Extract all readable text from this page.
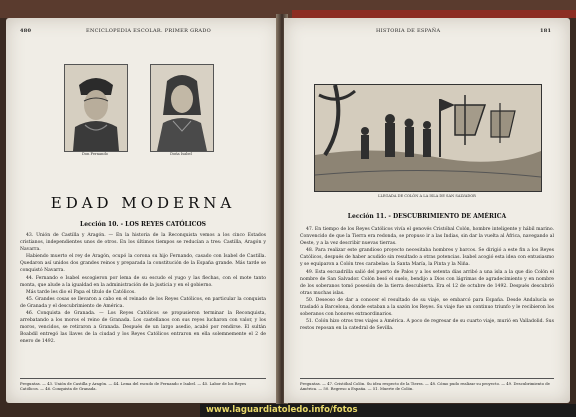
480	ENCICLOPEDIA ESCOLAR. PRIMER GRADO
Don Fernando	Doña Isabel
EDAD MODERNA
Lección 10. - LOS REYES CATÓLICOS

43. Unión de Castilla y Aragón. — En la historia de la Reconquista vemos a los cinco Estados cristianos, independientes unos de otros. En los últimos tiempos se reducían a tres: Castilla, Aragón y Navarra.

Habiendo muerto el rey de Aragón, ocupó la corona su hijo Fernando, casado con Isabel de Castilla. Quedaron así unidos dos grandes reinos y preparada la constitución de la España grande. Más tarde se conquistó Navarra.

44. Fernando e Isabel escogieron por lema de su escudo el yugo y las flechas, con el mote tanto monta, que alude a la igualdad en la administración de la justicia y en el gobierno.

Más tarde les dio el Papa el título de Católicos.

45. Grandes cosas se llevaron a cabo en el reinado de los Reyes Católicos, en particular la conquista de Granada y el descubrimiento de América.

46. Conquista de Granada. — Los Reyes Católicos se propusieron terminar la Reconquista, arrebatando a los moros el reino de Granada. Los castellanos con sus reyes lucharon con valor, y los moros, vencidos, se retiraron a Granada. Después de un largo asedio, acabó por rendirse. El sultán Boabdil entregó las llaves de la ciudad y los Reyes Católicos entraron en ella solemnemente el 2 de enero de 1492.

Preguntas. — 43. Unión de Castilla y Aragón. — 44. Lema del escudo de Fernando e Isabel. — 45. Labor de los Reyes Católicos. — 46. Conquista de Granada.
HISTORIA DE ESPAÑA	181
LLEGADA DE COLÓN A LA ISLA DE SAN SALVADOR
Lección 11. - DESCUBRIMIENTO DE AMÉRICA

47. En tiempo de los Reyes Católicos vivía el genovés Cristóbal Colón, hombre inteligente y hábil marino. Convencido de que la Tierra era redonda, se propuso ir a las Indias, sin dar la vuelta al África, navegando al Oeste, y a la vez describir nuevas tierras.

48. Para realizar este grandioso proyecto necesitaba hombres y barcos. Se dirigió a este fin a los Reyes Católicos, después de haber acudido sin resultado a otras potencias. Isabel acogió esta idea con entusiasmo y se equiparon a Colón tres carabelas: la Santa María, la Pinta y la Niña.

49. Esta escuadrilla salió del puerto de Palos y a los setenta días arribó a una isla a la que dio Colón el nombre de San Salvador. Colón besó el suelo, bendijo a Dios con lágrimas de agradecimiento y en nombre de los soberanos tomó posesión de la tierra descubierta. Era el 12 de octubre de 1492. Después descubrió otras muchas islas.

50. Deseoso de dar a conocer el resultado de su viaje, se embarcó para España. Desde Andalucía se trasladó a Barcelona, donde estaban a la sazón los Reyes. Su viaje fue un continuo triunfo y le recibieron los soberanos con honores extraordinarios.

51. Colón hizo otros tres viajes a América. A poco de regresar de su cuarto viaje, murió en Valladolid. Sus restos reposan en la catedral de Sevilla.

Preguntas. — 47. Cristóbal Colón. Su idea respecto de la Tierra. — 48. Cómo pudo realizar su proyecto. — 49. Descubrimiento de América. — 50. Regreso a España. — 51. Muerte de Colón.
www.laguardiatoledo.info/fotos
